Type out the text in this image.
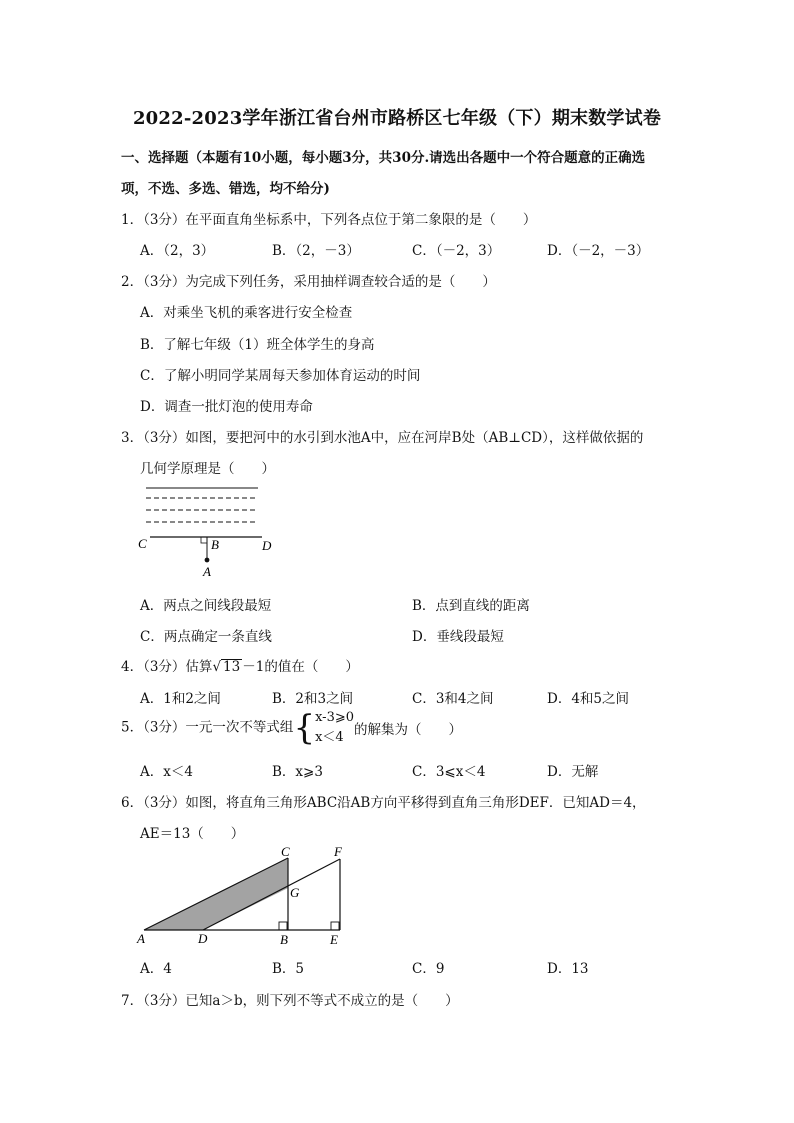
2022-2023学年浙江省台州市路桥区七年级（下）期末数学试卷
一、选择题（本题有10小题，每小题3分，共30分.请选出各题中一个符合题意的正确选
项，不选、多选、错选，均不给分)
1．（3分）在平面直角坐标系中，下列各点位于第二象限的是（　　）
A．（2，3）	B．（2，－3）	C．（－2，3）	D．（－2，－3）
2．（3分）为完成下列任务，采用抽样调查较合适的是（　　）
A．对乘坐飞机的乘客进行安全检查
B．了解七年级（1）班全体学生的身高
C．了解小明同学某周每天参加体育运动的时间
D．调查一批灯泡的使用寿命
3．（3分）如图，要把河中的水引到水池A中，应在河岸B处（AB⊥CD），这样做依据的
几何学原理是（　　）
C	B	D
A
A．两点之间线段最短	B．点到直线的距离
C．两点确定一条直线	D．垂线段最短
4．（3分）估算√ 13 －1的值在（　　）
A．1和2之间	B．2和3之间	C．3和4之间	D．4和5之间
5．（3分）一元一次不等式组{ x-3⩾0
x＜4 的解集为（　　）
A．x＜4	B．x⩾3	C．3⩽x＜4	D．无解
6．（3分）如图，将直角三角形ABC沿AB方向平移得到直角三角形DEF．已知AD＝4，
AE＝13（　　）
A	D	B	E
C	F
G
A．4	B．5	C．9	D．13
7．（3分）已知a＞b，则下列不等式不成立的是（　　）
